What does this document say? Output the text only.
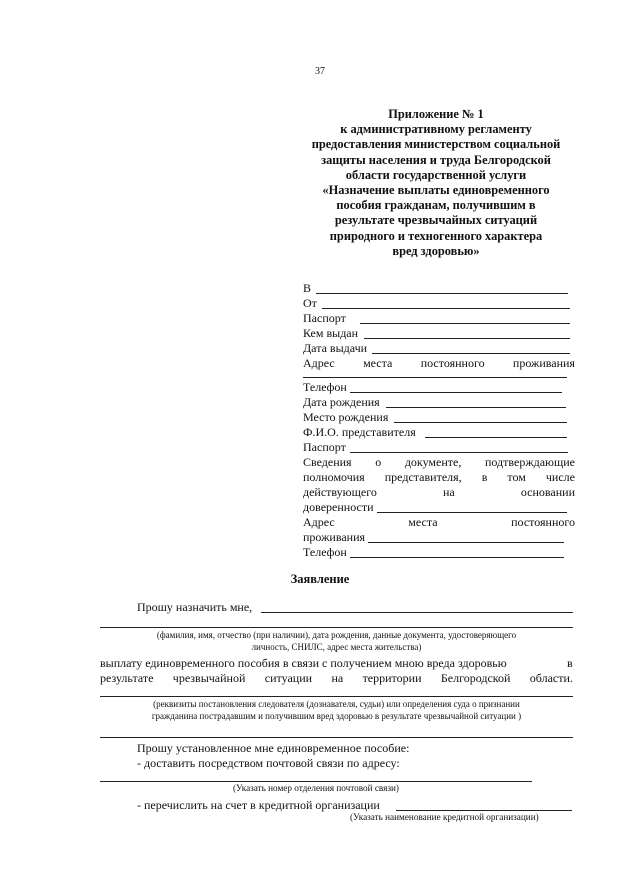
37
Приложение № 1
к административному регламенту
предоставления министерством социальной
защиты населения и труда Белгородской
области государственной услуги
«Назначение выплаты единовременного
пособия гражданам, получившим в
результате чрезвычайных ситуаций
природного и техногенного характера
вред здоровью»
В
От
Паспорт
Кем выдан
Дата выдачи
Адрес места постоянного проживания
Телефон
Дата рождения
Место рождения
Ф.И.О. представителя
Паспорт
Сведения о документе, подтверждающие
полномочия представителя, в том числе
действующего	на	основании
доверенности
Адрес	места	постоянного
проживания
Телефон
Заявление
Прошу назначить мне,
(фамилия, имя, отчество (при наличии), дата рождения, данные документа, удостоверяющего
личность, СНИЛС, адрес места жительства)
выплату единовременного пособия в связи с получением мною вреда здоровью	в
результате чрезвычайной ситуации на территории Белгородской области.
(реквизиты постановления следователя (дознавателя, судьи) или определения суда о признании
гражданина пострадавшим и получившим вред здоровью в результате чрезвычайной ситуации )
Прошу установленное мне единовременное пособие:
- доставить посредством почтовой связи по адресу:
(Указать номер отделения почтовой связи)
- перечислить на счет в кредитной организации
(Указать наименование кредитной организации)
